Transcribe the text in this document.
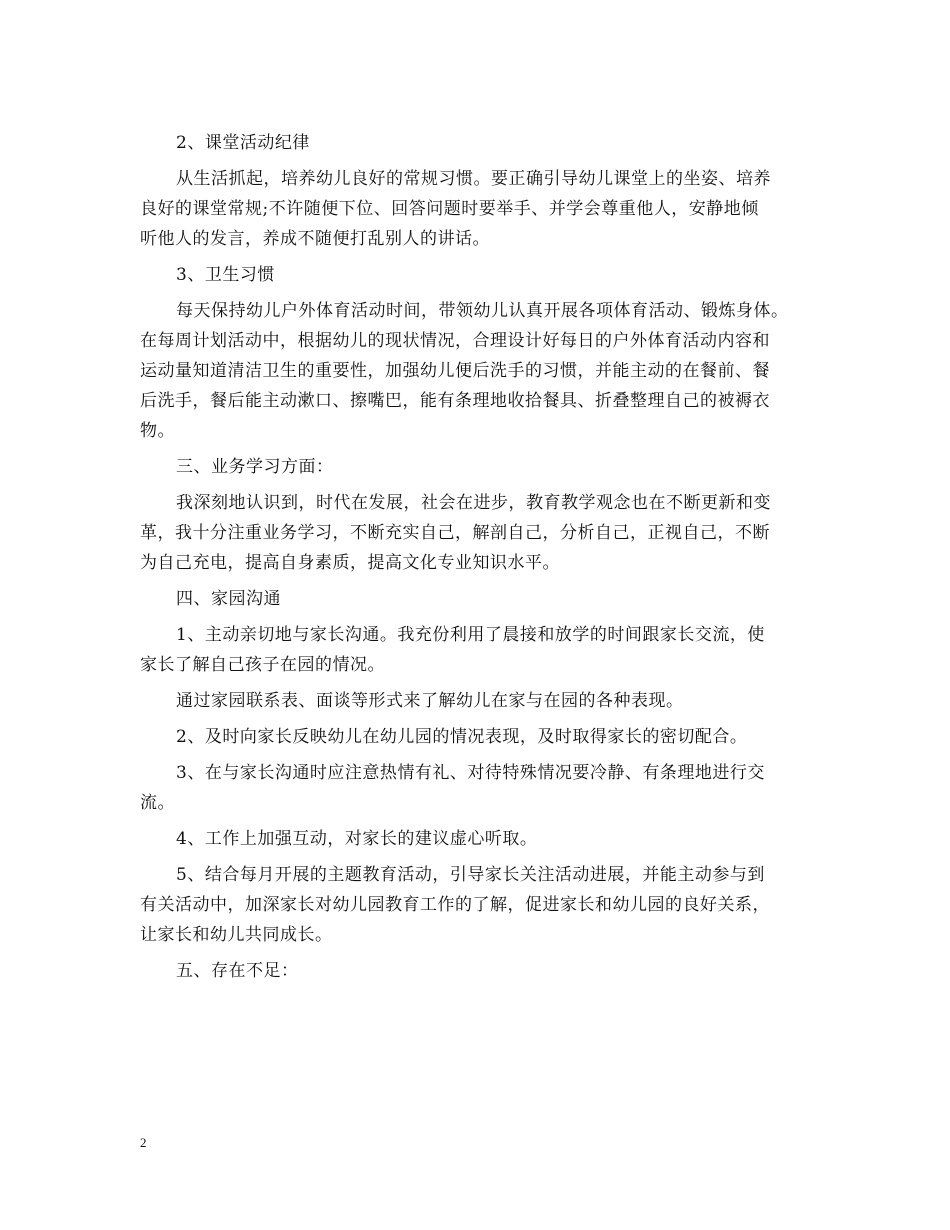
2、课堂活动纪律
从生活抓起，培养幼儿良好的常规习惯。要正确引导幼儿课堂上的坐姿、培养
良好的课堂常规;不许随便下位、回答问题时要举手、并学会尊重他人，安静地倾
听他人的发言，养成不随便打乱别人的讲话。
3、卫生习惯
每天保持幼儿户外体育活动时间，带领幼儿认真开展各项体育活动、锻炼身体。
在每周计划活动中，根据幼儿的现状情况，合理设计好每日的户外体育活动内容和
运动量知道清洁卫生的重要性，加强幼儿便后洗手的习惯，并能主动的在餐前、餐
后洗手，餐后能主动漱口、擦嘴巴，能有条理地收拾餐具、折叠整理自己的被褥衣
物。
三、业务学习方面：
我深刻地认识到，时代在发展，社会在进步，教育教学观念也在不断更新和变
革，我十分注重业务学习，不断充实自己，解剖自己，分析自己，正视自己，不断
为自己充电，提高自身素质，提高文化专业知识水平。
四、家园沟通
1、主动亲切地与家长沟通。我充份利用了晨接和放学的时间跟家长交流，使
家长了解自己孩子在园的情况。
通过家园联系表、面谈等形式来了解幼儿在家与在园的各种表现。
2、及时向家长反映幼儿在幼儿园的情况表现，及时取得家长的密切配合。
3、在与家长沟通时应注意热情有礼、对待特殊情况要冷静、有条理地进行交
流。
4、工作上加强互动，对家长的建议虚心听取。
5、结合每月开展的主题教育活动，引导家长关注活动进展，并能主动参与到
有关活动中，加深家长对幼儿园教育工作的了解，促进家长和幼儿园的良好关系，
让家长和幼儿共同成长。
五、存在不足：
2
